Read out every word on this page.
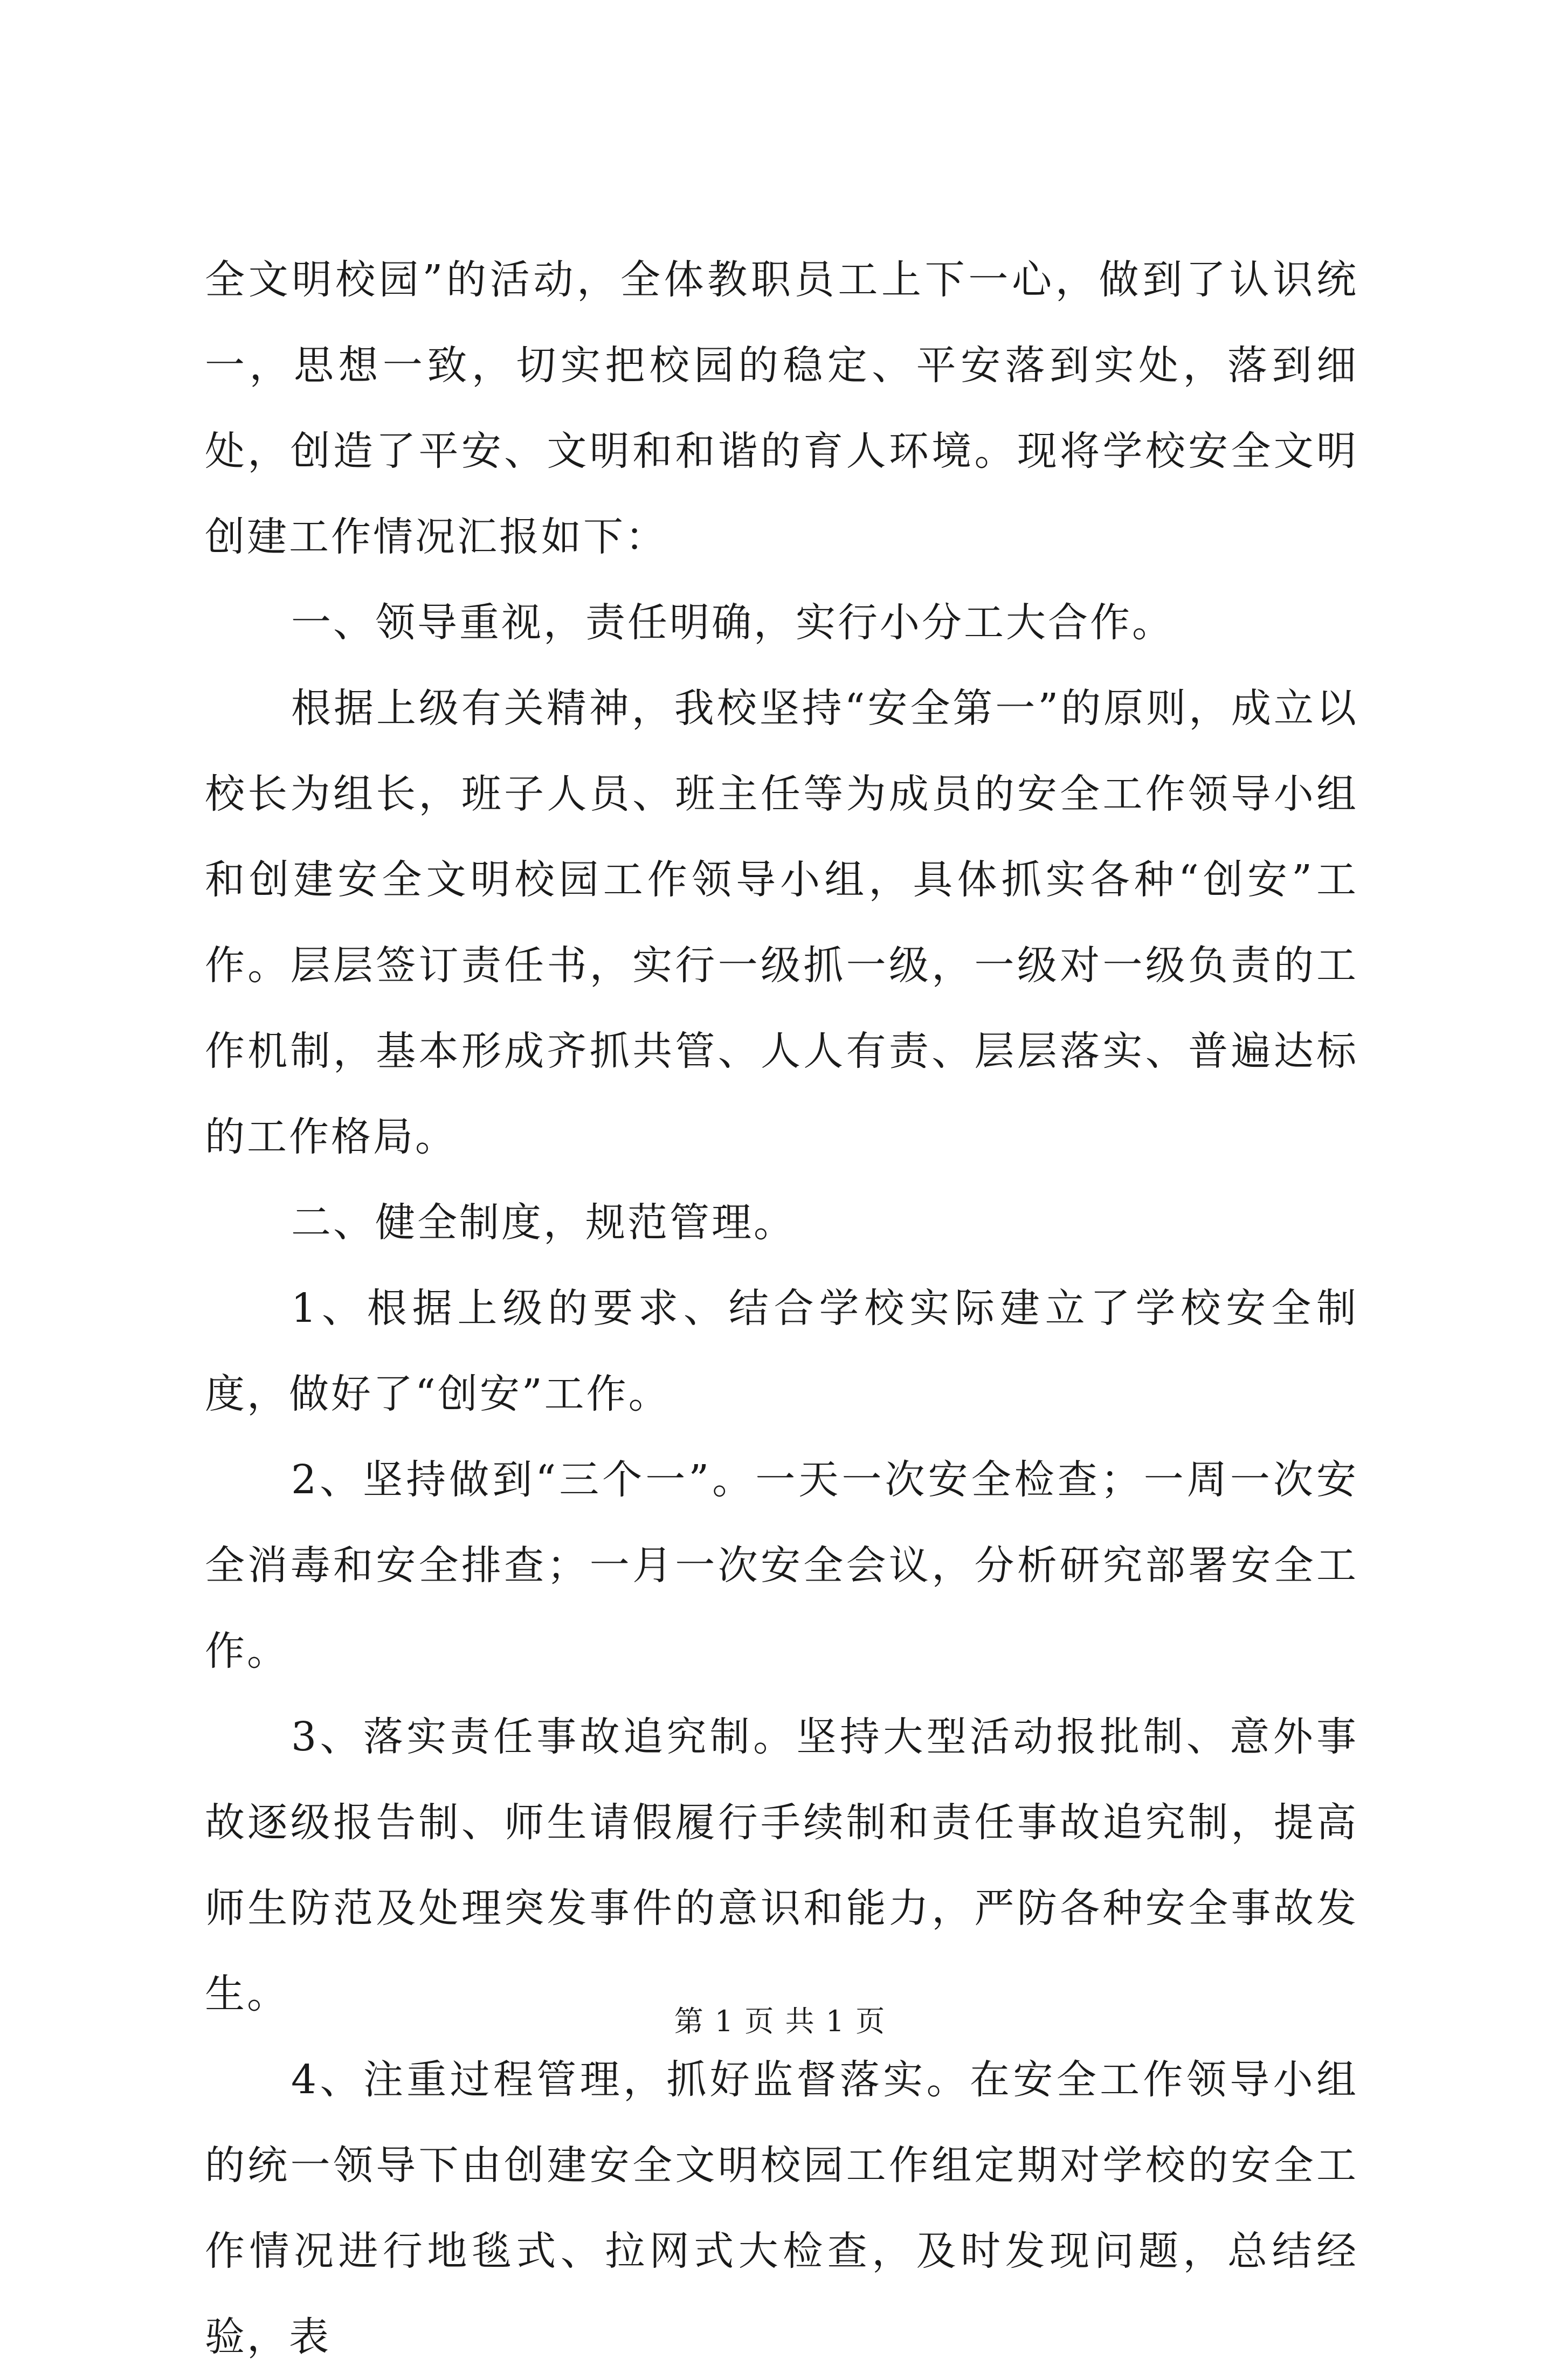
全文明校园”的活动，全体教职员工上下一心，做到了认识统一，思想一致，切实把校园的稳定、平安落到实处，落到细处，创造了平安、文明和和谐的育人环境。现将学校安全文明创建工作情况汇报如下：

一、领导重视，责任明确，实行小分工大合作。

根据上级有关精神，我校坚持“安全第一”的原则，成立以校长为组长，班子人员、班主任等为成员的安全工作领导小组和创建安全文明校园工作领导小组，具体抓实各种“创安”工作。层层签订责任书，实行一级抓一级，一级对一级负责的工作机制，基本形成齐抓共管、人人有责、层层落实、普遍达标的工作格局。

二、健全制度，规范管理。

1、根据上级的要求、结合学校实际建立了学校安全制度，做好了“创安”工作。

2、坚持做到“三个一”。一天一次安全检查；一周一次安全消毒和安全排查；一月一次安全会议，分析研究部署安全工作。

3、落实责任事故追究制。坚持大型活动报批制、意外事故逐级报告制、师生请假履行手续制和责任事故追究制，提高师生防范及处理突发事件的意识和能力，严防各种安全事故发生。

4、注重过程管理，抓好监督落实。在安全工作领导小组的统一领导下由创建安全文明校园工作组定期对学校的安全工作情况进行地毯式、拉网式大检查，及时发现问题，总结经验，表

第 1 页 共 1 页
